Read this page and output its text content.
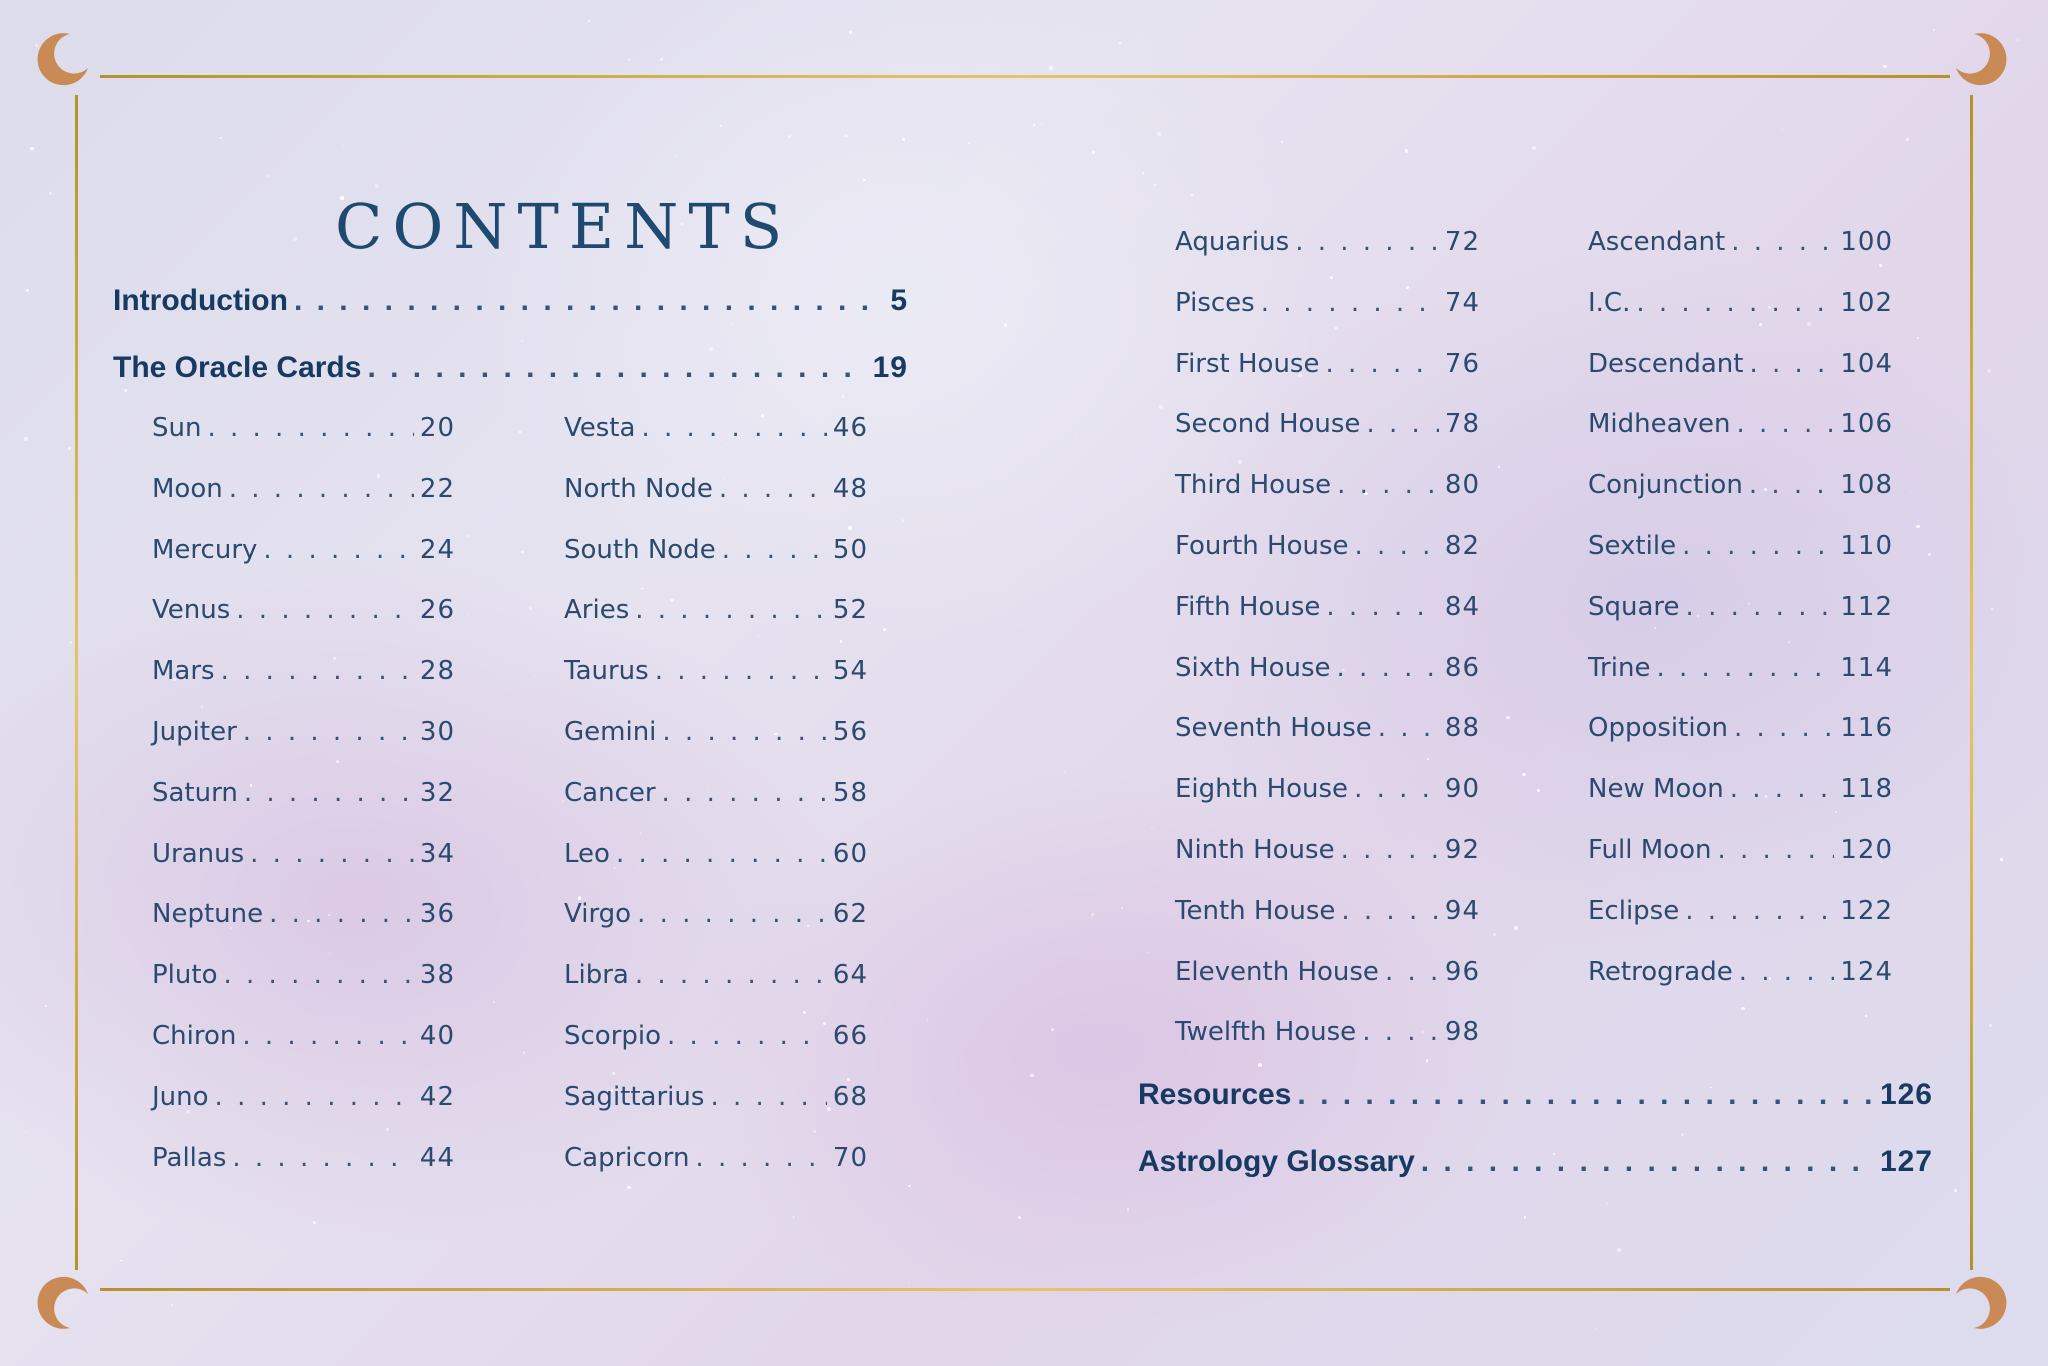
CONTENTS
Introduction . . .	5
The Oracle Cards . . .	19
Sun . . .	20
Moon . . .	22
Mercury . . .	24
Venus . . .	26
Mars . . .	28
Jupiter . . .	30
Saturn . . .	32
Uranus . . .	34
Neptune . . .	36
Pluto . . .	38
Chiron . . .	40
Juno . . .	42
Pallas . . .	44
Vesta . . .	46
North Node . . .	48
South Node . . .	50
Aries . . .	52
Taurus . . .	54
Gemini . . .	56
Cancer . . .	58
Leo . . .	60
Virgo . . .	62
Libra . . .	64
Scorpio . . .	66
Sagittarius . . .	68
Capricorn . . .	70
Aquarius . . .	72
Pisces . . .	74
First House . . .	76
Second House . . .	78
Third House . . .	80
Fourth House . . .	82
Fifth House . . .	84
Sixth House . . .	86
Seventh House . . .	88
Eighth House . . .	90
Ninth House . . .	92
Tenth House . . .	94
Eleventh House . . .	96
Twelfth House . . .	98
Ascendant . . .	100
I.C. . . .	102
Descendant . . .	104
Midheaven . . .	106
Conjunction . . .	108
Sextile . . .	110
Square . . .	112
Trine . . .	114
Opposition . . .	116
New Moon . . .	118
Full Moon . . .	120
Eclipse . . .	122
Retrograde . . .	124
Resources . . .	126
Astrology Glossary . . .	127
